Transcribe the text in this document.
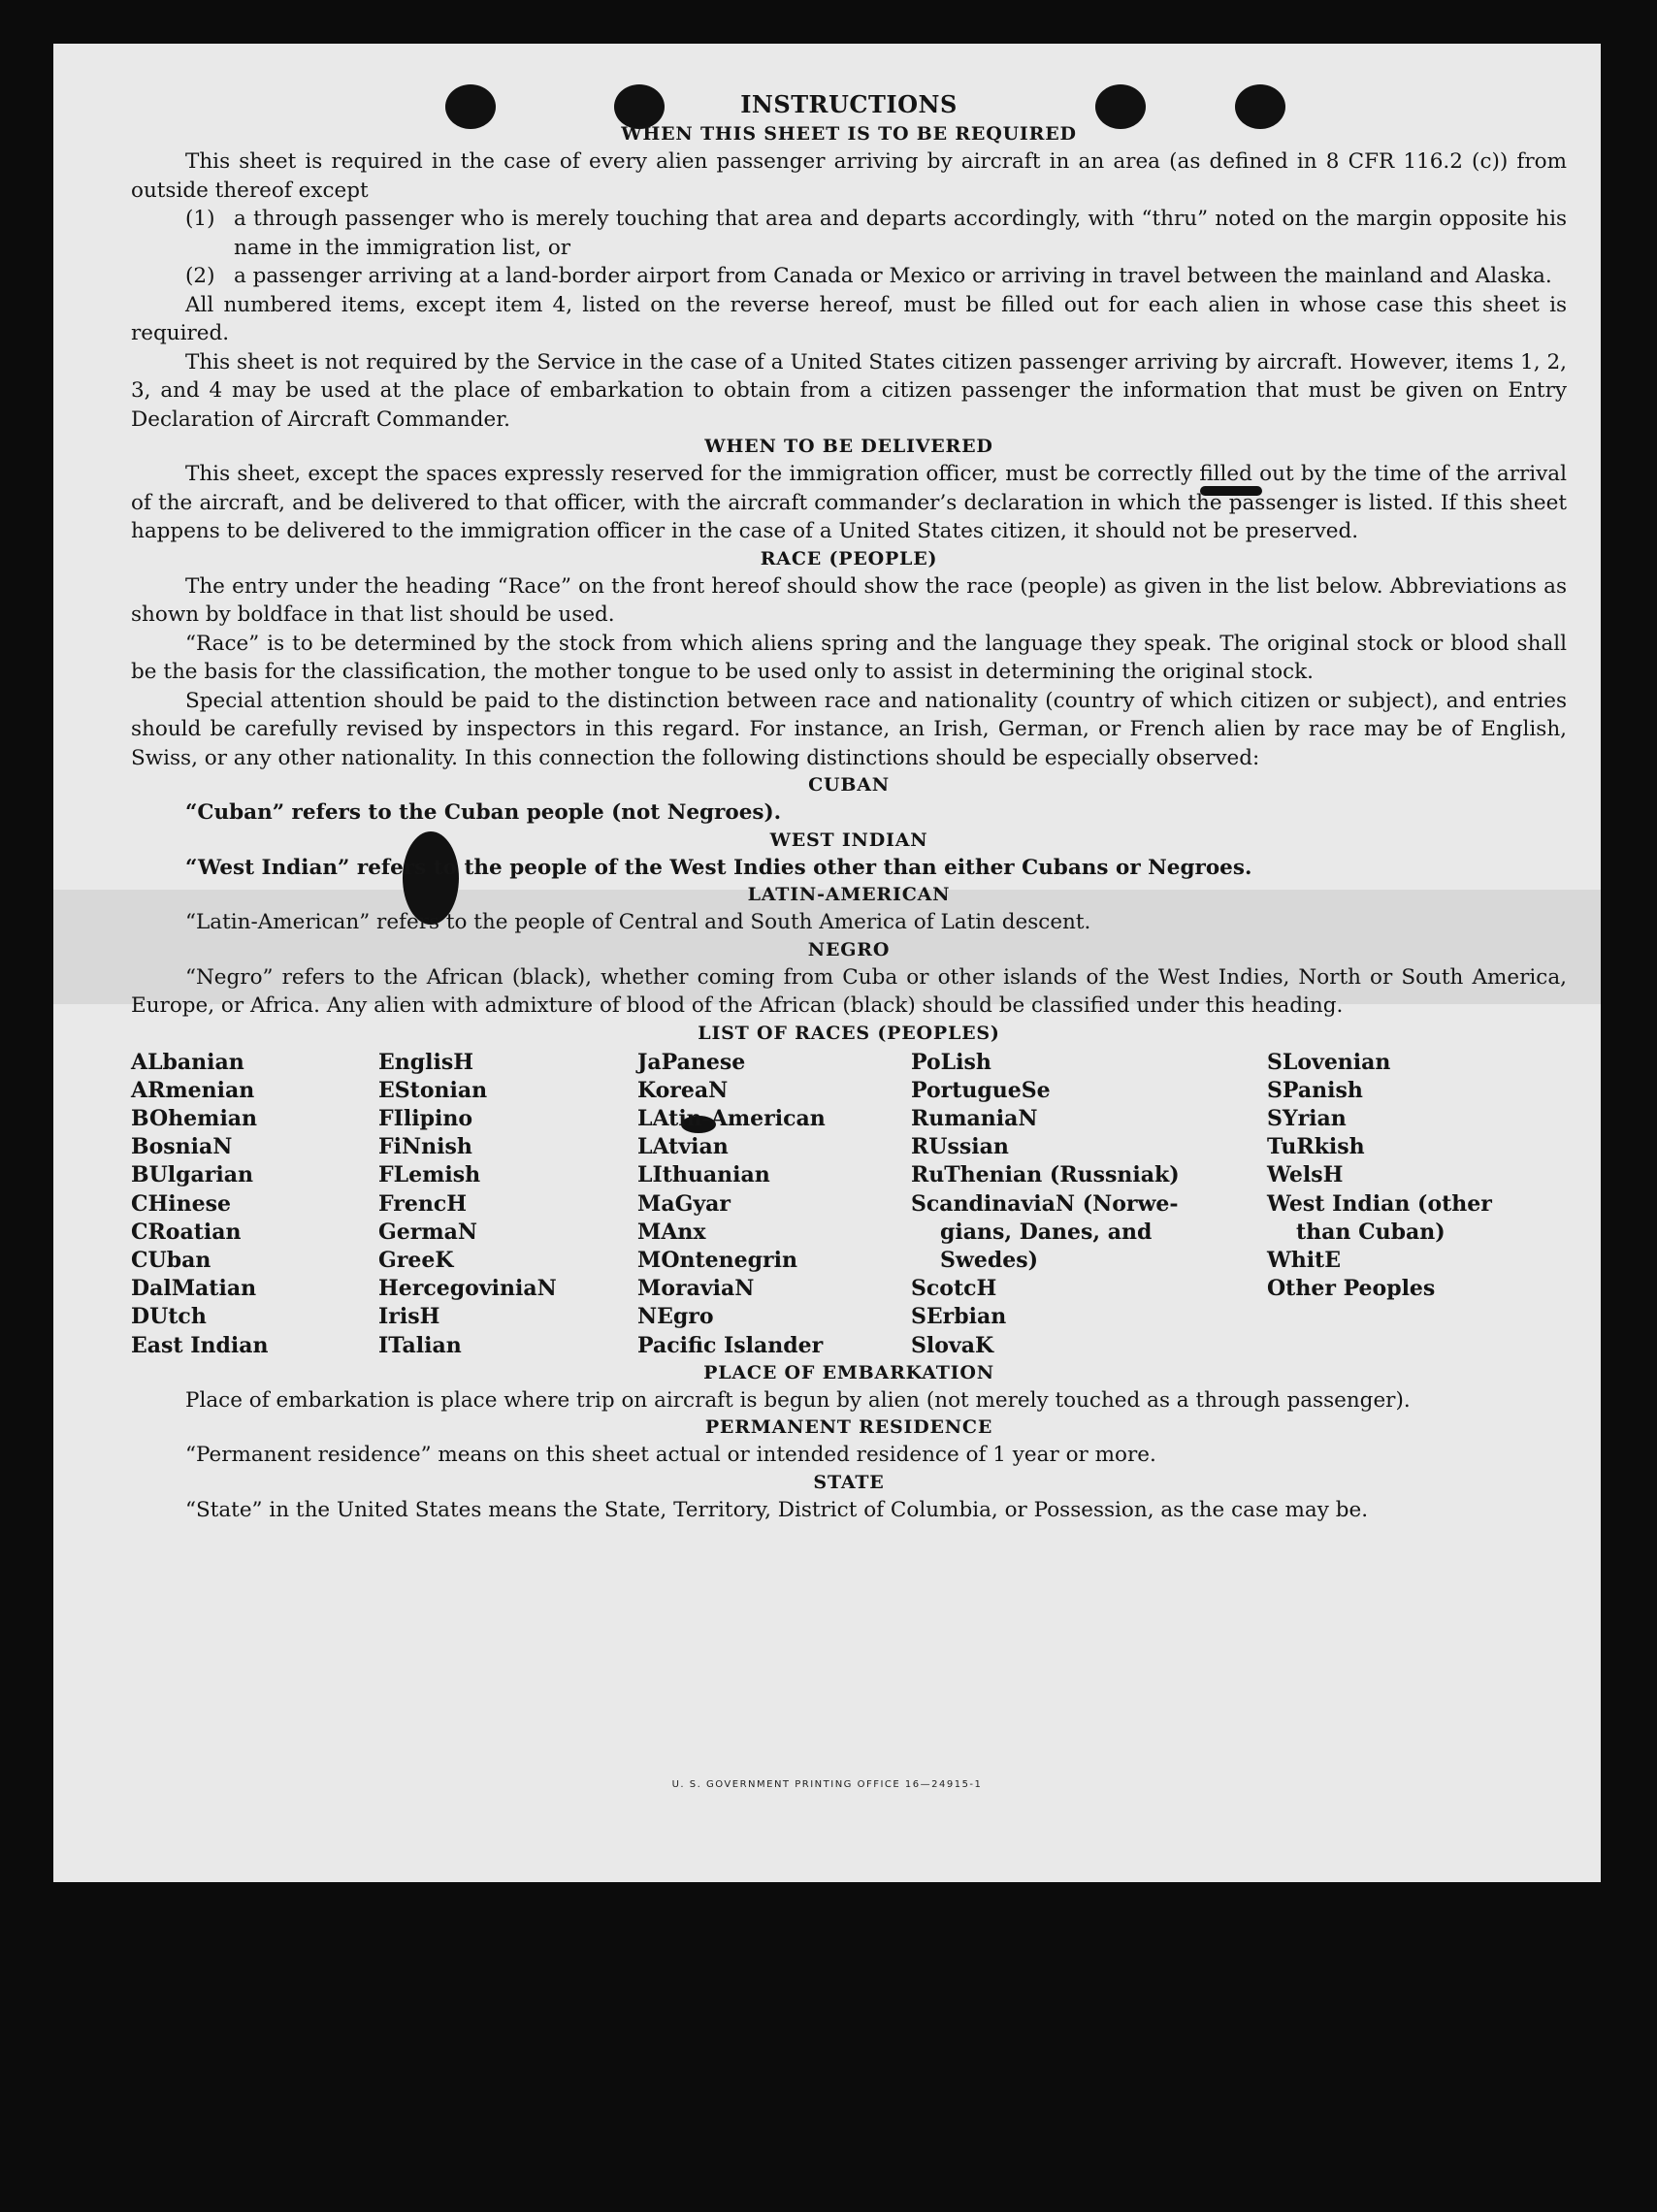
INSTRUCTIONS
WHEN THIS SHEET IS TO BE REQUIRED

This sheet is required in the case of every alien passenger arriving by aircraft in an area (as defined in 8 CFR 116.2 (c)) from outside thereof except

(1) a through passenger who is merely touching that area and departs accordingly, with “thru” noted on the margin opposite his name in the immigration list, or
(2) a passenger arriving at a land-border airport from Canada or Mexico or arriving in travel between the mainland and Alaska.

All numbered items, except item 4, listed on the reverse hereof, must be filled out for each alien in whose case this sheet is required.

This sheet is not required by the Service in the case of a United States citizen passenger arriving by aircraft. However, items 1, 2, 3, and 4 may be used at the place of embarkation to obtain from a citizen passenger the information that must be given on Entry Declaration of Aircraft Commander.

WHEN TO BE DELIVERED

This sheet, except the spaces expressly reserved for the immigration officer, must be correctly filled out by the time of the arrival of the aircraft, and be delivered to that officer, with the aircraft commander’s declaration in which the passenger is listed. If this sheet happens to be delivered to the immigration officer in the case of a United States citizen, it should not be preserved.

RACE (PEOPLE)

The entry under the heading “Race” on the front hereof should show the race (people) as given in the list below. Abbreviations as shown by boldface in that list should be used.

“Race” is to be determined by the stock from which aliens spring and the language they speak. The original stock or blood shall be the basis for the classification, the mother tongue to be used only to assist in determining the original stock.

Special attention should be paid to the distinction between race and nationality (country of which citizen or subject), and entries should be carefully revised by inspectors in this regard. For instance, an Irish, German, or French alien by race may be of English, Swiss, or any other nationality. In this connection the following distinctions should be especially observed:

CUBAN

“Cuban” refers to the Cuban people (not Negroes).

WEST INDIAN

“West Indian” refers to the people of the West Indies other than either Cubans or Negroes.

LATIN-AMERICAN

“Latin-American” refers to the people of Central and South America of Latin descent.

NEGRO

“Negro” refers to the African (black), whether coming from Cuba or other islands of the West Indies, North or South America, Europe, or Africa. Any alien with admixture of blood of the African (black) should be classified under this heading.

LIST OF RACES (PEOPLES)
ALbanian
ARmenian
BOhemian
BosniaN
BUlgarian
CHinese
CRoatian
CUban
DalMatian
DUtch
East Indian
EnglisH
EStonian
FIlipino
FiNnish
FLemish
FrencH
GermaN
GreeK
HercegoviniaN
IrisH
ITalian
JaPanese
KoreaN
LAtin-American
LAtvian
LIthuanian
MaGyar
MAnx
MOntenegrin
MoraviaN
NEgro
Pacific Islander
PoLish
PortugueSe
RumaniaN
RUssian
RuThenian (Russniak)
ScandinaviaN (Norwe-
gians, Danes, and
Swedes)
ScotcH
SErbian
SlovaK
SLovenian
SPanish
SYrian
TuRkish
WelsH
West Indian (other
than Cuban)
WhitE
Other Peoples
PLACE OF EMBARKATION

Place of embarkation is place where trip on aircraft is begun by alien (not merely touched as a through passenger).

PERMANENT RESIDENCE

“Permanent residence” means on this sheet actual or intended residence of 1 year or more.

STATE

“State” in the United States means the State, Territory, District of Columbia, or Possession, as the case may be.

U. S. GOVERNMENT PRINTING OFFICE 16—24915-1
